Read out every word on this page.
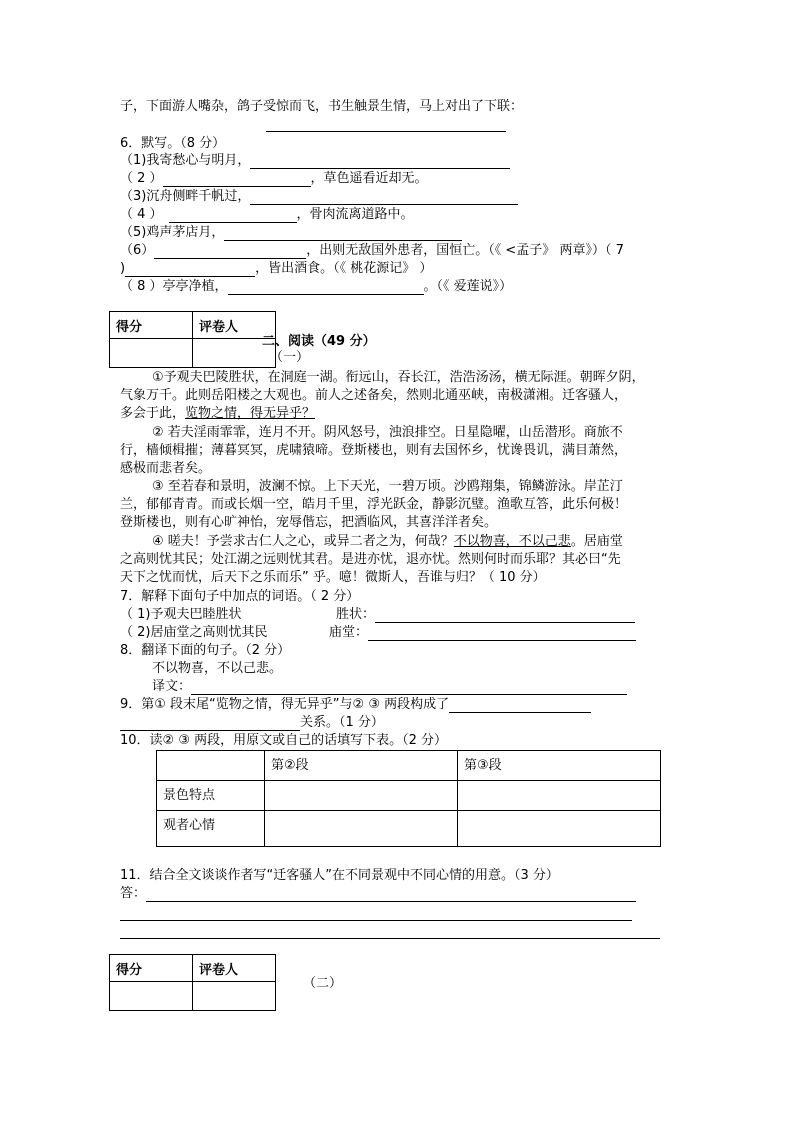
子，下面游人嘴杂，鸽子受惊而飞，书生触景生情，马上对出了下联：
6．默写。（8 分）
（1)我寄愁心与明月，
（ 2 ）	，草色遥看近却无。
（3)沉舟侧畔千帆过，
（ 4 ）	，骨肉流离道路中。
（5)鸡声茅店月，
（6）	，出则无敌国外患者，国恒亡。（《 <孟子》 两章》）（ 7
)	，皆出酒食。（《 桃花源记》 ）
（ 8 ）亭亭净植，	。（《 爱莲说》）
得分	评卷人

二、阅读（49 分）
（一）
①予观夫巴陵胜状，在洞庭一湖。衔远山，吞长江，浩浩汤汤，横无际涯。朝晖夕阴，
气象万千。此则岳阳楼之大观也。前人之述备矣，然则北通巫峡，南极潇湘。迁客骚人，
多会于此，览物之情，得无异乎？
② 若夫淫雨霏霏，连月不开。阴风怒号，浊浪排空。日星隐曜，山岳潜形。商旅不
行，樯倾楫摧；薄暮冥冥，虎啸猿啼。登斯楼也，则有去国怀乡，忧谗畏讥，满目萧然，
感极而悲者矣。
③ 至若春和景明，波澜不惊。上下天光，一碧万顷。沙鸥翔集，锦鳞游泳。岸芷汀
兰，郁郁青青。而或长烟一空，皓月千里，浮光跃金，静影沉璧。渔歌互答，此乐何极！
登斯楼也，则有心旷神怡，宠辱偕忘，把酒临风，其喜洋洋者矣。
④ 嗟夫！予尝求古仁人之心，或异二者之为，何哉？不以物喜，不以己悲。居庙堂
之高则忧其民；处江湖之远则忧其君。是进亦忧，退亦忧。然则何时而乐耶？其必曰“先
天下之忧而忧，后天下之乐而乐” 乎。噫！微斯人，吾谁与归？（ 10 分）
7．解释下面句子中加点的词语。（ 2 分）
（ 1)予观夫巴睦胜状	胜状：
（ 2)居庙堂之高则忧其民	庙堂：
8．翻译下面的句子。（2 分）
不以物喜，不以己悲。
译文：
9．第① 段末尾“览物之情，得无异乎”与② ③ 两段构成了
关系。（1 分）
10．读② ③ 两段，用原文或自己的话填写下表。（2 分）
	第②段	第③段
景色特点		
观者心情		
11．结合全文谈谈作者写“迁客骚人”在不同景观中不同心情的用意。（3 分）
答：
得分	评卷人

（二）
